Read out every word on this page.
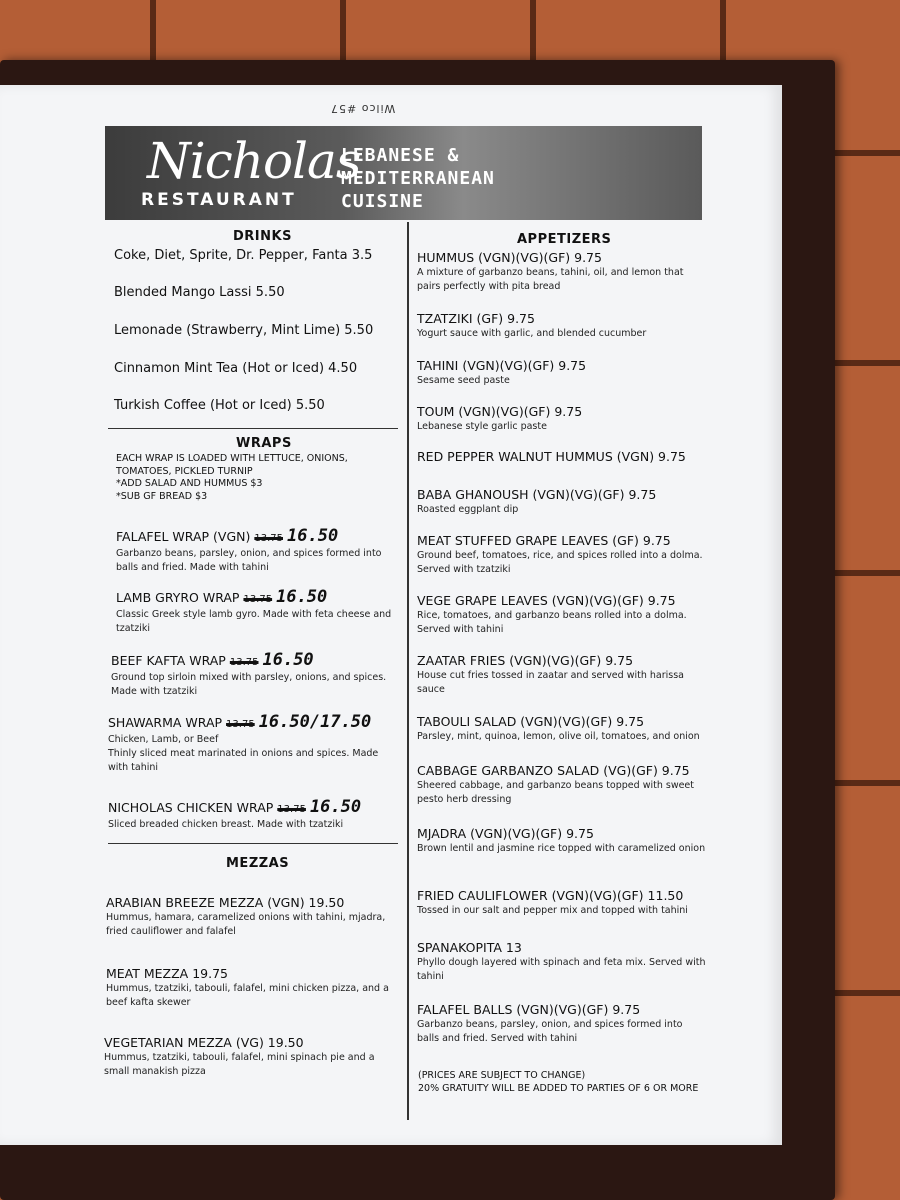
Wilco #57
Nicholas
RESTAURANT
LEBANESE &
MEDITERRANEAN
CUISINE
DRINKS
Coke, Diet, Sprite, Dr. Pepper, Fanta 3.5
Blended Mango Lassi 5.50
Lemonade (Strawberry, Mint Lime) 5.50
Cinnamon Mint Tea (Hot or Iced) 4.50
Turkish Coffee (Hot or Iced) 5.50
WRAPS
EACH WRAP IS LOADED WITH LETTUCE, ONIONS,
TOMATOES, PICKLED TURNIP
*ADD SALAD AND HUMMUS $3
*SUB GF BREAD $3
FALAFEL WRAP (VGN) 13.75 16.50
Garbanzo beans, parsley, onion, and spices formed into balls and fried. Made with tahini
LAMB GRYRO WRAP 13.75 16.50
Classic Greek style lamb gyro. Made with feta cheese and tzatziki
BEEF KAFTA WRAP 13.75 16.50
Ground top sirloin mixed with parsley, onions, and spices. Made with tzatziki
SHAWARMA WRAP 13.75 16.50/17.50
Chicken, Lamb, or Beef
Thinly sliced meat marinated in onions and spices. Made with tahini
NICHOLAS CHICKEN WRAP 13.75 16.50
Sliced breaded chicken breast. Made with tzatziki
MEZZAS
ARABIAN BREEZE MEZZA (VGN) 19.50
Hummus, hamara, caramelized onions with tahini, mjadra, fried cauliflower and falafel
MEAT MEZZA 19.75
Hummus, tzatziki, tabouli, falafel, mini chicken pizza, and a beef kafta skewer
VEGETARIAN MEZZA (VG) 19.50
Hummus, tzatziki, tabouli, falafel, mini spinach pie and a small manakish pizza
APPETIZERS
HUMMUS (VGN)(VG)(GF) 9.75
A mixture of garbanzo beans, tahini, oil, and lemon that pairs perfectly with pita bread
TZATZIKI (GF) 9.75
Yogurt sauce with garlic, and blended cucumber
TAHINI (VGN)(VG)(GF) 9.75
Sesame seed paste
TOUM (VGN)(VG)(GF) 9.75
Lebanese style garlic paste
RED PEPPER WALNUT HUMMUS (VGN) 9.75
BABA GHANOUSH (VGN)(VG)(GF) 9.75
Roasted eggplant dip
MEAT STUFFED GRAPE LEAVES (GF) 9.75
Ground beef, tomatoes, rice, and spices rolled into a dolma. Served with tzatziki
VEGE GRAPE LEAVES (VGN)(VG)(GF) 9.75
Rice, tomatoes, and garbanzo beans rolled into a dolma. Served with tahini
ZAATAR FRIES (VGN)(VG)(GF) 9.75
House cut fries tossed in zaatar and served with harissa sauce
TABOULI SALAD (VGN)(VG)(GF) 9.75
Parsley, mint, quinoa, lemon, olive oil, tomatoes, and onion
CABBAGE GARBANZO SALAD (VG)(GF) 9.75
Sheered cabbage, and garbanzo beans topped with sweet pesto herb dressing
MJADRA (VGN)(VG)(GF) 9.75
Brown lentil and jasmine rice topped with caramelized onion
FRIED CAULIFLOWER (VGN)(VG)(GF) 11.50
Tossed in our salt and pepper mix and topped with tahini
SPANAKOPITA 13
Phyllo dough layered with spinach and feta mix. Served with tahini
FALAFEL BALLS (VGN)(VG)(GF) 9.75
Garbanzo beans, parsley, onion, and spices formed into balls and fried. Served with tahini
(PRICES ARE SUBJECT TO CHANGE)
20% GRATUITY WILL BE ADDED TO PARTIES OF 6 OR MORE
